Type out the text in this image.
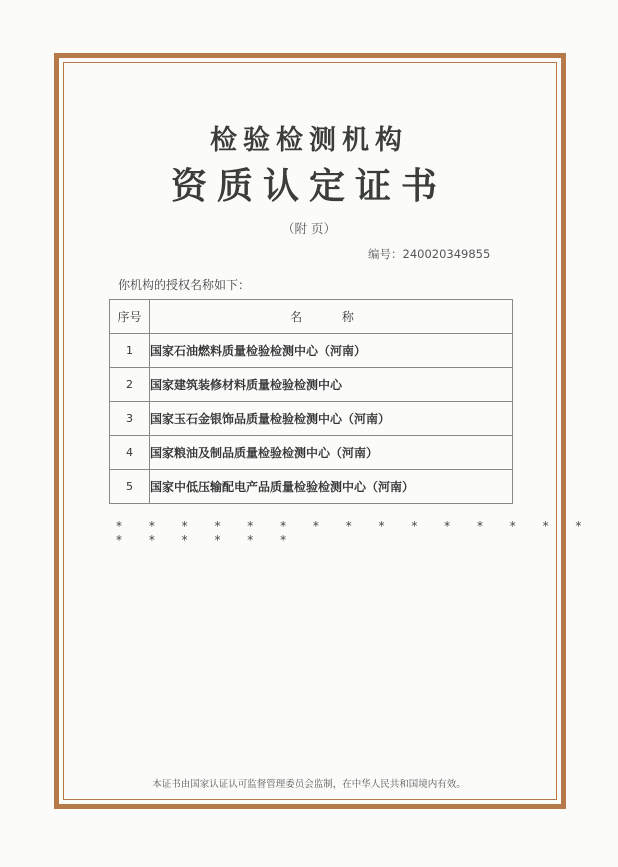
检验检测机构
资质认定证书
（附 页）
编号：240020349855
你机构的授权名称如下：
序号	名 称
1	国家石油燃料质量检验检测中心（河南）
2	国家建筑装修材料质量检验检测中心
3	国家玉石金银饰品质量检验检测中心（河南）
4	国家粮油及制品质量检验检测中心（河南）
5	国家中低压输配电产品质量检验检测中心（河南）
* * * * * * * * * * * * * * * * * * * * *
本证书由国家认证认可监督管理委员会监制，在中华人民共和国境内有效。
